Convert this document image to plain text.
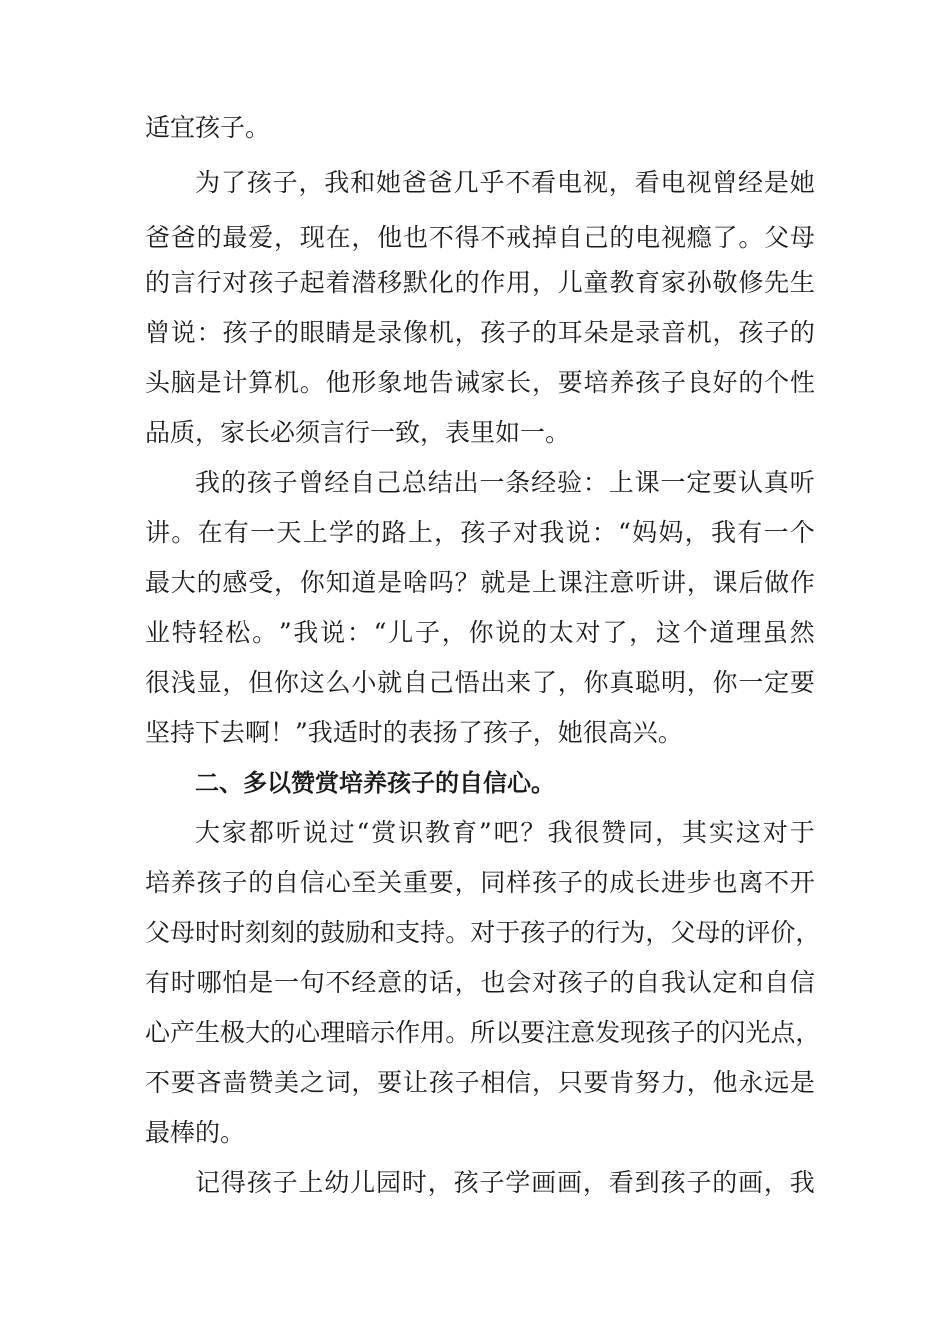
适宜孩子。
为 了 孩 子 ， 我 和 她 爸 爸 几 乎 不 看 电 视 ， 看 电 视 曾 经 是 她
爸 爸 的 最 爱 ， 现 在 ， 他 也 不 得 不 戒 掉 自 己 的 电 视 瘾 了 。 父 母
的 言 行 对 孩 子 起 着 潜 移 默 化 的 作 用 ， 儿 童 教 育 家 孙 敬 修 先 生
曾 说 ： 孩 子 的 眼 睛 是 录 像 机 ， 孩 子 的 耳 朵 是 录 音 机 ， 孩 子 的
头 脑 是 计 算 机 。 他 形 象 地 告 诫 家 长 ， 要 培 养 孩 子 良 好 的 个 性
品质，家长必须言行一致，表里如一。
我 的 孩 子 曾 经 自 己 总 结 出 一 条 经 验 ： 上 课 一 定 要 认 真 听
讲 。 在 有 一 天 上 学 的 路 上 ， 孩 子 对 我 说 ： “ 妈 妈 ， 我 有 一 个
最 大 的 感 受 ， 你 知 道 是 啥 吗 ？ 就 是 上 课 注 意 听 讲 ， 课 后 做 作
业 特 轻 松 。 ” 我 说 ： “ 儿 子 ， 你 说 的 太 对 了 ， 这 个 道 理 虽 然
很 浅 显 ， 但 你 这 么 小 就 自 己 悟 出 来 了 ， 你 真 聪 明 ， 你 一 定 要
坚持下去啊！”我适时的表扬了孩子，她很高兴。
二、多以赞赏培养孩子的自信心。
大 家 都 听 说 过 “ 赏 识 教 育 ” 吧 ？ 我 很 赞 同 ， 其 实 这 对 于
培 养 孩 子 的 自 信 心 至 关 重 要 ， 同 样 孩 子 的 成 长 进 步 也 离 不 开
父 母 时 时 刻 刻 的 鼓 励 和 支 持 。 对 于 孩 子 的 行 为 ， 父 母 的 评 价 ，
有 时 哪 怕 是 一 句 不 经 意 的 话 ， 也 会 对 孩 子 的 自 我 认 定 和 自 信
心 产 生 极 大 的 心 理 暗 示 作 用 。 所 以 要 注 意 发 现 孩 子 的 闪 光 点 ，
不 要 吝 啬 赞 美 之 词 ， 要 让 孩 子 相 信 ， 只 要 肯 努 力 ， 他 永 远 是
最棒的。
记 得 孩 子 上 幼 儿 园 时 ， 孩 子 学 画 画 ， 看 到 孩 子 的 画 ， 我
